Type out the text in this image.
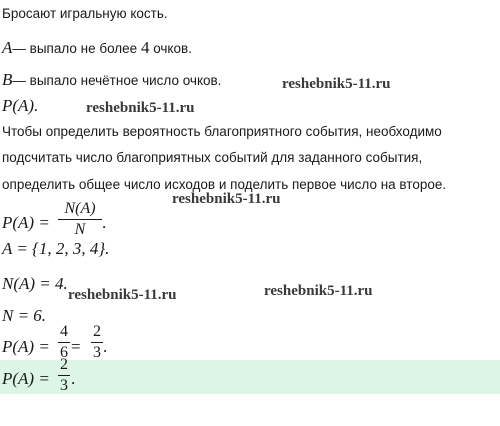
Бросают игральную кость.
A— выпало не более 4 очков.
B— выпало нечётное число очков.
P(A).
Чтобы определить вероятность благоприятного события, необходимо
подсчитать число благоприятных событий для заданного события,
определить общее число исходов и поделить первое число на второе.
P(A) =
N(A)
N .
A = {1, 2, 3, 4}.
N(A) = 4.
N = 6.
P(A) =
4
6 =
2
3 .
P(A) =
2
3 .
reshebnik5-11.ru
reshebnik5-11.ru
reshebnik5-11.ru
reshebnik5-11.ru	reshebnik5-11.ru
